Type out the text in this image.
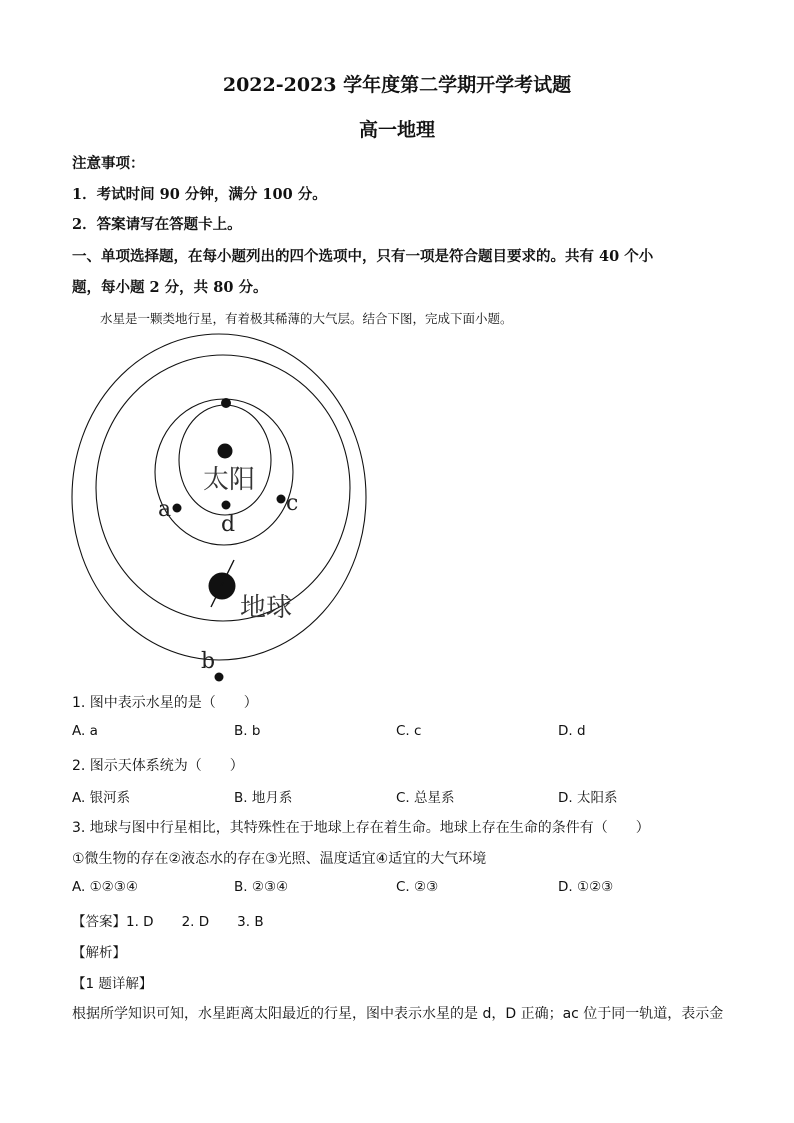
2022-2023 学年度第二学期开学考试题
高一地理
注意事项：
1．考试时间 90 分钟，满分 100 分。
2．答案请写在答题卡上。
一、单项选择题，在每小题列出的四个选项中，只有一项是符合题目要求的。共有 40 个小
题，每小题 2 分，共 80 分。
水星是一颗类地行星，有着极其稀薄的大气层。结合下图，完成下面小题。
太阳
d
a	c
地球
b
1. 图中表示水星的是（　　）
A. a	B. b	C. c	D. d
2. 图示天体系统为（　　）
A. 银河系	B. 地月系	C. 总星系	D. 太阳系
3. 地球与图中行星相比，其特殊性在于地球上存在着生命。地球上存在生命的条件有（　　）
①微生物的存在②液态水的存在③光照、温度适宜④适宜的大气环境
A. ①②③④	B. ②③④	C. ②③	D. ①②③
【答案】1. D 2. D 3. B
【解析】
【1 题详解】
根据所学知识可知，水星距离太阳最近的行星，图中表示水星的是 d，D 正确；ac 位于同一轨道，表示金
